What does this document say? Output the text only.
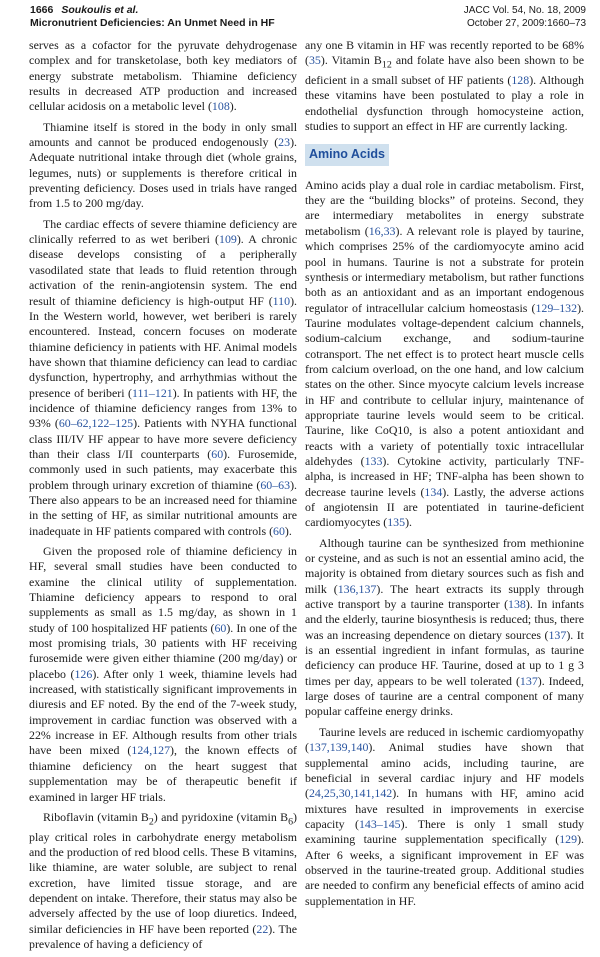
1666 Soukoulis et al.
Micronutrient Deficiencies: An Unmet Need in HF
JACC Vol. 54, No. 18, 2009
October 27, 2009:1660–73

serves as a cofactor for the pyruvate dehydrogenase complex and for transketolase, both key mediators of energy substrate metabolism. Thiamine deficiency results in decreased ATP production and increased cellular acidosis on a metabolic level (108).

Thiamine itself is stored in the body in only small amounts and cannot be produced endogenously (23). Adequate nutritional intake through diet (whole grains, legumes, nuts) or supplements is therefore critical in preventing deficiency. Doses used in trials have ranged from 1.5 to 200 mg/day.

The cardiac effects of severe thiamine deficiency are clinically referred to as wet beriberi (109). A chronic disease develops consisting of a peripherally vasodilated state that leads to fluid retention through activation of the renin-angiotensin system. The end result of thiamine deficiency is high-output HF (110). In the Western world, however, wet beriberi is rarely encountered. Instead, concern focuses on moderate thiamine deficiency in patients with HF. Animal models have shown that thiamine deficiency can lead to cardiac dysfunction, hypertrophy, and arrhythmias without the presence of beriberi (111–121). In patients with HF, the incidence of thiamine deficiency ranges from 13% to 93% (60–62,122–125). Patients with NYHA functional class III/IV HF appear to have more severe deficiency than their class I/II counterparts (60). Furosemide, commonly used in such patients, may exacerbate this problem through urinary excretion of thiamine (60–63). There also appears to be an increased need for thiamine in the setting of HF, as similar nutritional amounts are inadequate in HF patients compared with controls (60).

Given the proposed role of thiamine deficiency in HF, several small studies have been conducted to examine the clinical utility of supplementation. Thiamine deficiency appears to respond to oral supplements as small as 1.5 mg/day, as shown in 1 study of 100 hospitalized HF patients (60). In one of the most promising trials, 30 patients with HF receiving furosemide were given either thiamine (200 mg/day) or placebo (126). After only 1 week, thiamine levels had increased, with statistically significant improvements in diuresis and EF noted. By the end of the 7-week study, improvement in cardiac function was observed with a 22% increase in EF. Although results from other trials have been mixed (124,127), the known effects of thiamine deficiency on the heart suggest that supplementation may be of therapeutic benefit if examined in larger HF trials.

Riboflavin (vitamin $B_2$) and pyridoxine (vitamin $B_6$) play critical roles in carbohydrate energy metabolism and the production of red blood cells. These B vitamins, like thiamine, are water soluble, are subject to renal excretion, have limited tissue storage, and are dependent on intake. Therefore, their status may also be adversely affected by the use of loop diuretics. Indeed, similar deficiencies in HF have been reported (22). The prevalence of having a deficiency of

any one B vitamin in HF was recently reported to be 68% (35). Vitamin $B_{12}$ and folate have also been shown to be deficient in a small subset of HF patients (128). Although these vitamins have been postulated to play a role in endothelial dysfunction through homocysteine action, studies to support an effect in HF are currently lacking.

Amino Acids

Amino acids play a dual role in cardiac metabolism. First, they are the “building blocks” of proteins. Second, they are intermediary metabolites in energy substrate metabolism (16,33). A relevant role is played by taurine, which comprises 25% of the cardiomyocyte amino acid pool in humans. Taurine is not a substrate for protein synthesis or intermediary metabolism, but rather functions both as an antioxidant and as an important endogenous regulator of intracellular calcium homeostasis (129–132). Taurine modulates voltage-dependent calcium channels, sodium-calcium exchange, and sodium-taurine cotransport. The net effect is to protect heart muscle cells from calcium overload, on the one hand, and low calcium states on the other. Since myocyte calcium levels increase in HF and contribute to cellular injury, maintenance of appropriate taurine levels would seem to be critical. Taurine, like CoQ10, is also a potent antioxidant and reacts with a variety of potentially toxic intracellular aldehydes (133). Cytokine activity, particularly TNF-alpha, is increased in HF; TNF-alpha has been shown to decrease taurine levels (134). Lastly, the adverse actions of angiotensin II are potentiated in taurine-deficient cardiomyocytes (135).

Although taurine can be synthesized from methionine or cysteine, and as such is not an essential amino acid, the majority is obtained from dietary sources such as fish and milk (136,137). The heart extracts its supply through active transport by a taurine transporter (138). In infants and the elderly, taurine biosynthesis is reduced; thus, there was an increasing dependence on dietary sources (137). It is an essential ingredient in infant formulas, as taurine deficiency can produce HF. Taurine, dosed at up to 1 g 3 times per day, appears to be well tolerated (137). Indeed, large doses of taurine are a central component of many popular caffeine energy drinks.

Taurine levels are reduced in ischemic cardiomyopathy (137,139,140). Animal studies have shown that supplemental amino acids, including taurine, are beneficial in several cardiac injury and HF models (24,25,30,141,142). In humans with HF, amino acid mixtures have resulted in improvements in exercise capacity (143–145). There is only 1 small study examining taurine supplementation specifically (129). After 6 weeks, a significant improvement in EF was observed in the taurine-treated group. Additional studies are needed to confirm any beneficial effects of amino acid supplementation in HF.
